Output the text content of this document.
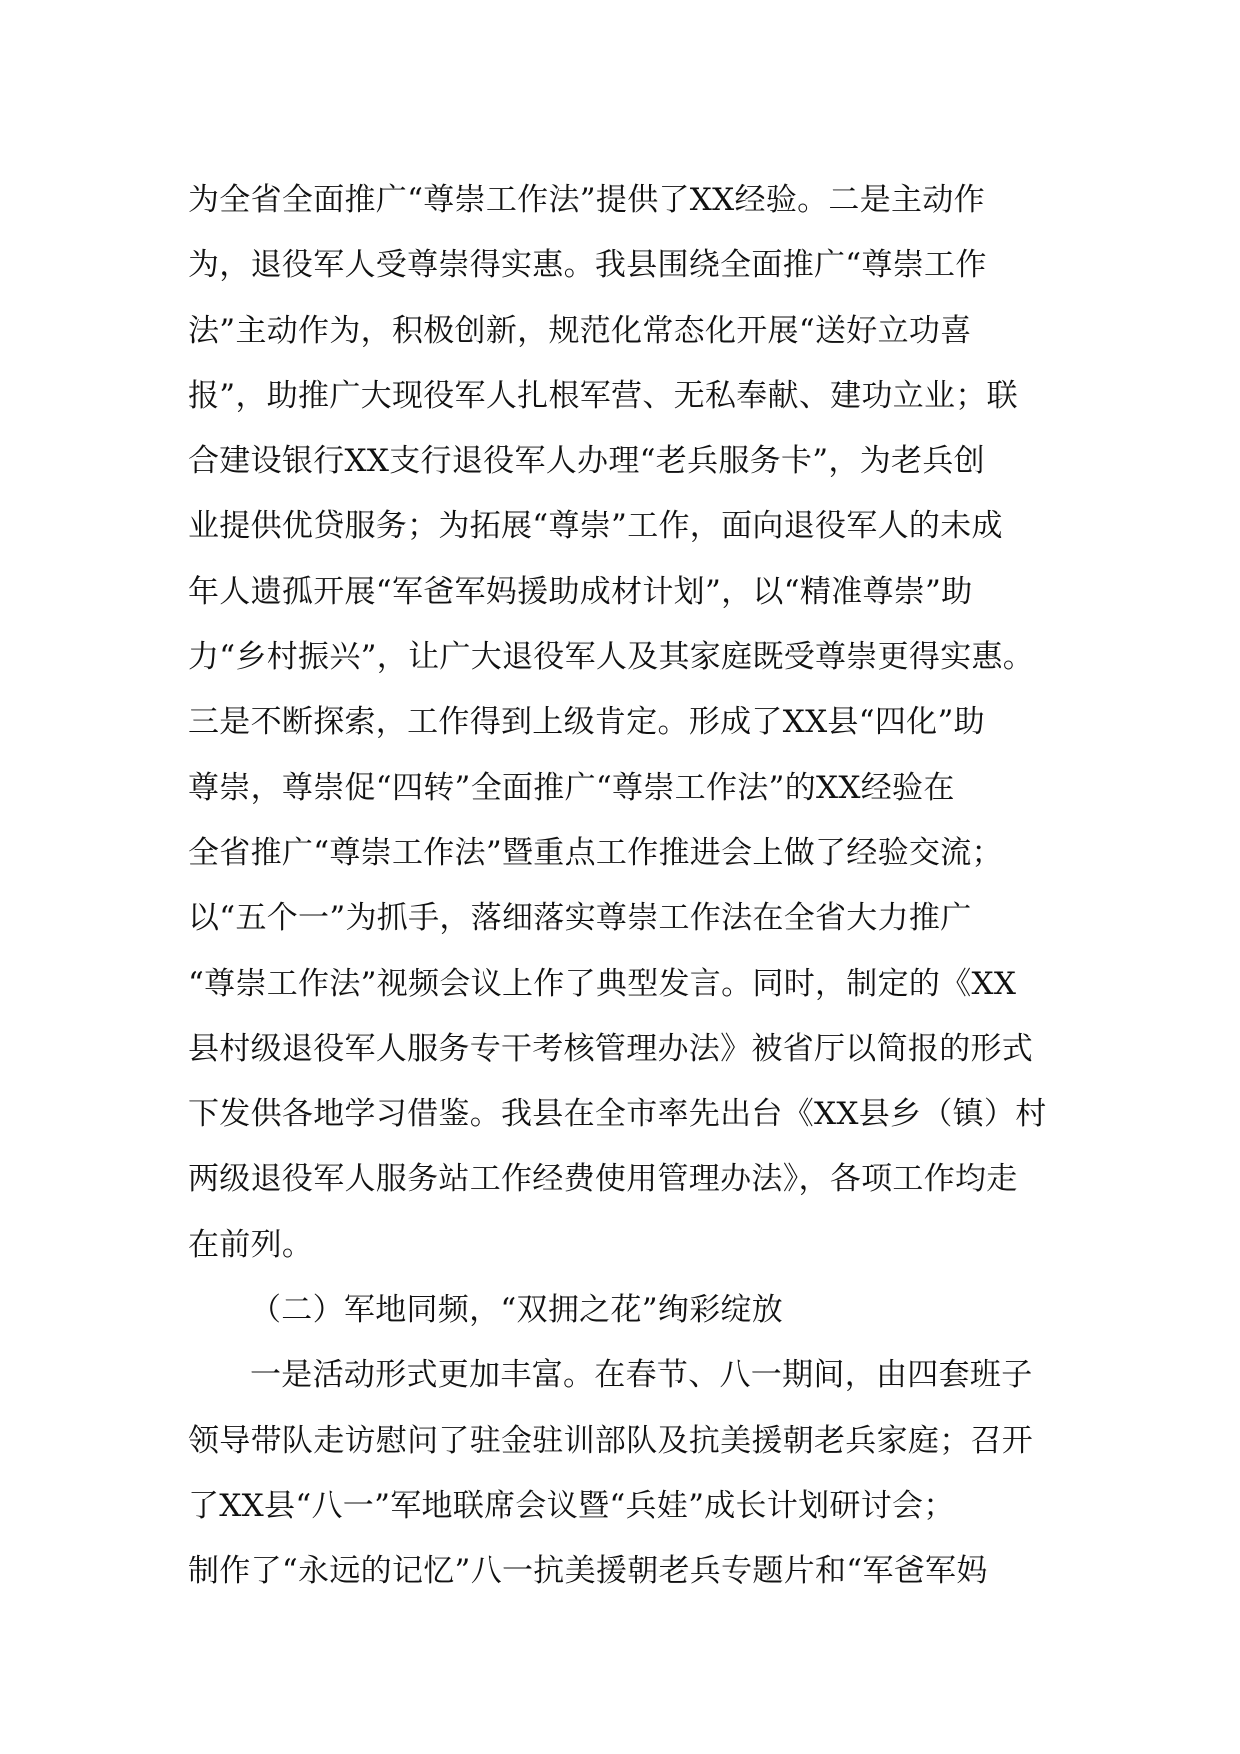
为全省全面推广“尊崇工作法”提供了XX经验。二是主动作
为，退役军人受尊崇得实惠。我县围绕全面推广“尊崇工作
法”主动作为，积极创新，规范化常态化开展“送好立功喜
报”，助推广大现役军人扎根军营、无私奉献、建功立业；联
合建设银行XX支行退役军人办理“老兵服务卡”，为老兵创
业提供优贷服务；为拓展“尊崇”工作，面向退役军人的未成
年人遗孤开展“军爸军妈援助成材计划”，以“精准尊崇”助
力“乡村振兴”，让广大退役军人及其家庭既受尊崇更得实惠。
三是不断探索，工作得到上级肯定。形成了XX县“四化”助
尊崇，尊崇促“四转”全面推广“尊崇工作法”的XX经验在
全省推广“尊崇工作法”暨重点工作推进会上做了经验交流；
以“五个一”为抓手，落细落实尊崇工作法在全省大力推广
“尊崇工作法”视频会议上作了典型发言。同时，制定的《XX
县村级退役军人服务专干考核管理办法》被省厅以简报的形式
下发供各地学习借鉴。我县在全市率先出台《XX县乡（镇）村
两级退役军人服务站工作经费使用管理办法》，各项工作均走
在前列。
（二）军地同频，“双拥之花”绚彩绽放
一是活动形式更加丰富。在春节、八一期间，由四套班子
领导带队走访慰问了驻金驻训部队及抗美援朝老兵家庭；召开
了XX县“八一”军地联席会议暨“兵娃”成长计划研讨会；
制作了“永远的记忆”八一抗美援朝老兵专题片和“军爸军妈
